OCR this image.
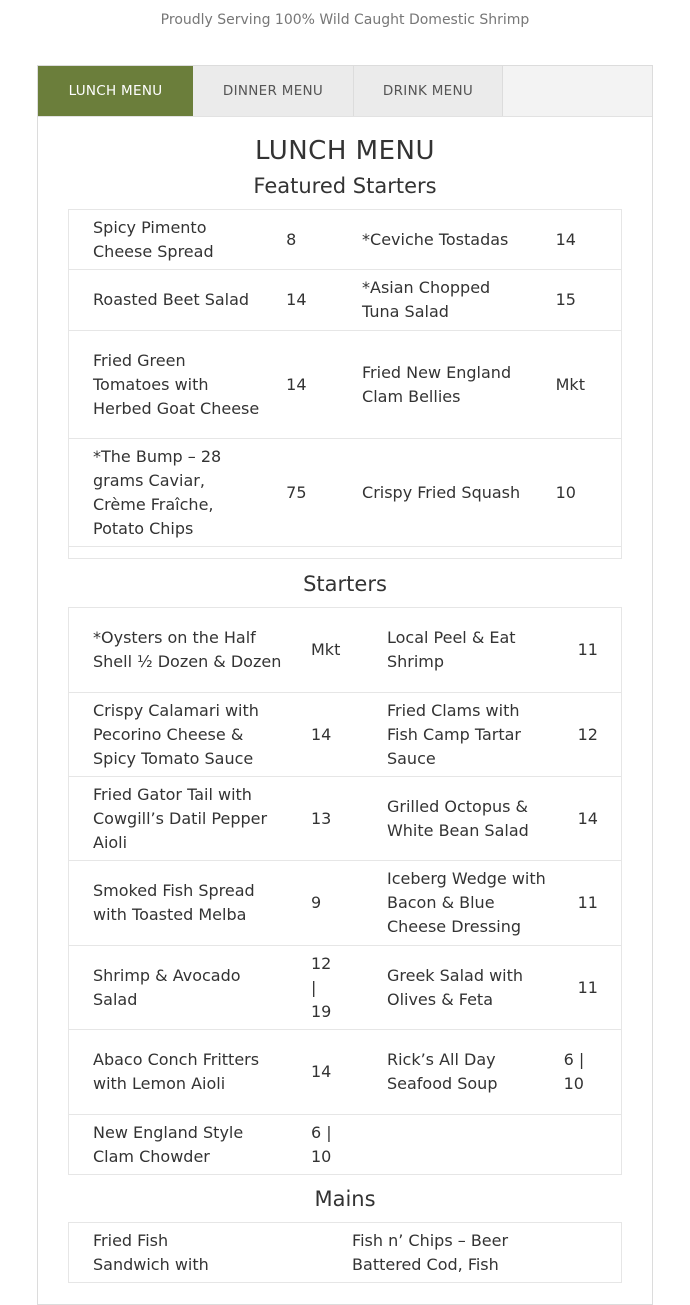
Proudly Serving 100% Wild Caught Domestic Shrimp
LUNCH MENU	DINNER MENU	DRINK MENU
LUNCH MENU
Featured Starters
Spicy Pimento Cheese Spread	8	*Ceviche Tostadas	14
Roasted Beet Salad	14	*Asian Chopped Tuna Salad	15
Fried Green Tomatoes with Herbed Goat Cheese	14	Fried New England Clam Bellies	Mkt
*The Bump – 28 grams Caviar, Crème Fraîche, Potato Chips	75	Crispy Fried Squash	10

Starters
*Oysters on the Half Shell ½ Dozen & Dozen	Mkt	Local Peel & Eat Shrimp	11
Crispy Calamari with Pecorino Cheese & Spicy Tomato Sauce	14	Fried Clams with Fish Camp Tartar Sauce	12
Fried Gator Tail with Cowgill’s Datil Pepper Aioli	13	Grilled Octopus & White Bean Salad	14
Smoked Fish Spread with Toasted Melba	9	Iceberg Wedge with Bacon & Blue Cheese Dressing	11
Shrimp & Avocado Salad	12 | 19	Greek Salad with Olives & Feta	11
Abaco Conch Fritters with Lemon Aioli	14	Rick’s All Day Seafood Soup	6 | 10
New England Style Clam Chowder	6 | 10		
Mains
Fried Fish Sandwich with		Fish n’ Chips – Beer Battered Cod, Fish	
